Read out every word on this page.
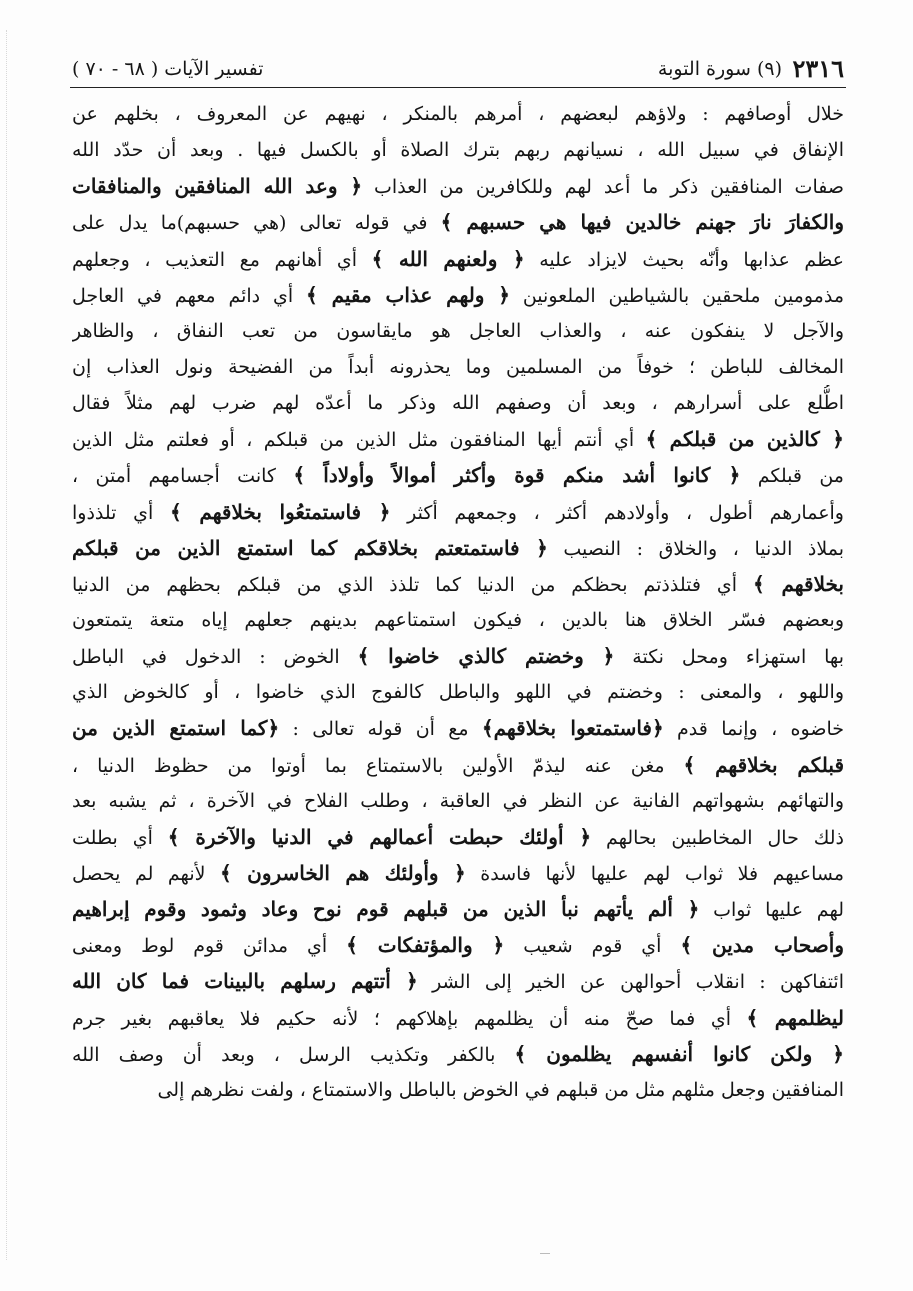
٢٣١٦
(٩) سورة التوبة
تفسير الآيات ( ٦٨ - ٧٠ )
خلال أوصافهم : ولاؤهم لبعضهم ، أمرهم بالمنكر ، نهيهم عن المعروف ، بخلهم عن
الإنفاق في سبيل الله ، نسيانهم ربهم بترك الصلاة أو بالكسل فيها . وبعد أن حدّد الله
صفات المنافقين ذكر ما أعد لهم وللكافرين من العذاب ﴿ وعد الله المنافقين والمنافقات
والكفارَ نارَ جهنم خالدين فيها هي حسبهم ﴾ في قوله تعالى (هي حسبهم)ما يدل على
عظم عذابها وأنّه بحيث لايزاد عليه ﴿ ولعنهم الله ﴾ أي أهانهم مع التعذيب ، وجعلهم
مذمومين ملحقين بالشياطين الملعونين ﴿ ولهم عذاب مقيم ﴾ أي دائم معهم في العاجل
والآجل لا ينفكون عنه ، والعذاب العاجل هو مايقاسون من تعب النفاق ، والظاهر
المخالف للباطن ؛ خوفاً من المسلمين وما يحذرونه أبداً من الفضيحة ونول العذاب إن
اطُّلع على أسرارهم ، وبعد أن وصفهم الله وذكر ما أعدّه لهم ضرب لهم مثلاً فقال
﴿ كالذين من قبلكم ﴾ أي أنتم أيها المنافقون مثل الذين من قبلكم ، أو فعلتم مثل الذين
من قبلكم ﴿ كانوا أشد منكم قوة وأكثر أموالاً وأولاداً ﴾ كانت أجسامهم أمتن ،
وأعمارهم أطول ، وأولادهم أكثر ، وجمعهم أكثر ﴿ فاستمتعُوا بخلاقهم ﴾ أي تلذذوا
بملاذ الدنيا ، والخلاق : النصيب ﴿ فاستمتعتم بخلاقكم كما استمتع الذين من قبلكم
بخلاقهم ﴾ أي فتلذذتم بحظكم من الدنيا كما تلذذ الذي من قبلكم بحظهم من الدنيا
وبعضهم فسّر الخلاق هنا بالدين ، فيكون استمتاعهم بدينهم جعلهم إياه متعة يتمتعون
بها استهزاء ومحل نكتة ﴿ وخضتم كالذي خاضوا ﴾ الخوض : الدخول في الباطل
واللهو ، والمعنى : وخضتم في اللهو والباطل كالفوج الذي خاضوا ، أو كالخوض الذي
خاضوه ، وإنما قدم ﴿فاستمتعوا بخلاقهم﴾ مع أن قوله تعالى : ﴿كما استمتع الذين من
قبلكم بخلاقهم ﴾ مغن عنه ليذمّ الأولين بالاستمتاع بما أوتوا من حظوظ الدنيا ،
والتهائهم بشهواتهم الفانية عن النظر في العاقبة ، وطلب الفلاح في الآخرة ، ثم يشبه بعد
ذلك حال المخاطبين بحالهم ﴿ أولئك حبطت أعمالهم في الدنيا والآخرة ﴾ أي بطلت
مساعيهم فلا ثواب لهم عليها لأنها فاسدة ﴿ وأولئك هم الخاسرون ﴾ لأنهم لم يحصل
لهم عليها ثواب ﴿ ألم يأتهم نبأ الذين من قبلهم قوم نوح وعاد وثمود وقوم إبراهيم
وأصحاب مدين ﴾ أي قوم شعيب ﴿ والمؤتفكات ﴾ أي مدائن قوم لوط ومعنى
ائتفاكهن : انقلاب أحوالهن عن الخير إلى الشر ﴿ أتتهم رسلهم بالبينات فما كان الله
ليظلمهم ﴾ أي فما صحّ منه أن يظلمهم بإهلاكهم ؛ لأنه حكيم فلا يعاقبهم بغير جرم
﴿ ولكن كانوا أنفسهم يظلمون ﴾ بالكفر وتكذيب الرسل ، وبعد أن وصف الله
المنافقين وجعل مثلهم مثل من قبلهم في الخوض بالباطل والاستمتاع ، ولفت نظرهم إلى
